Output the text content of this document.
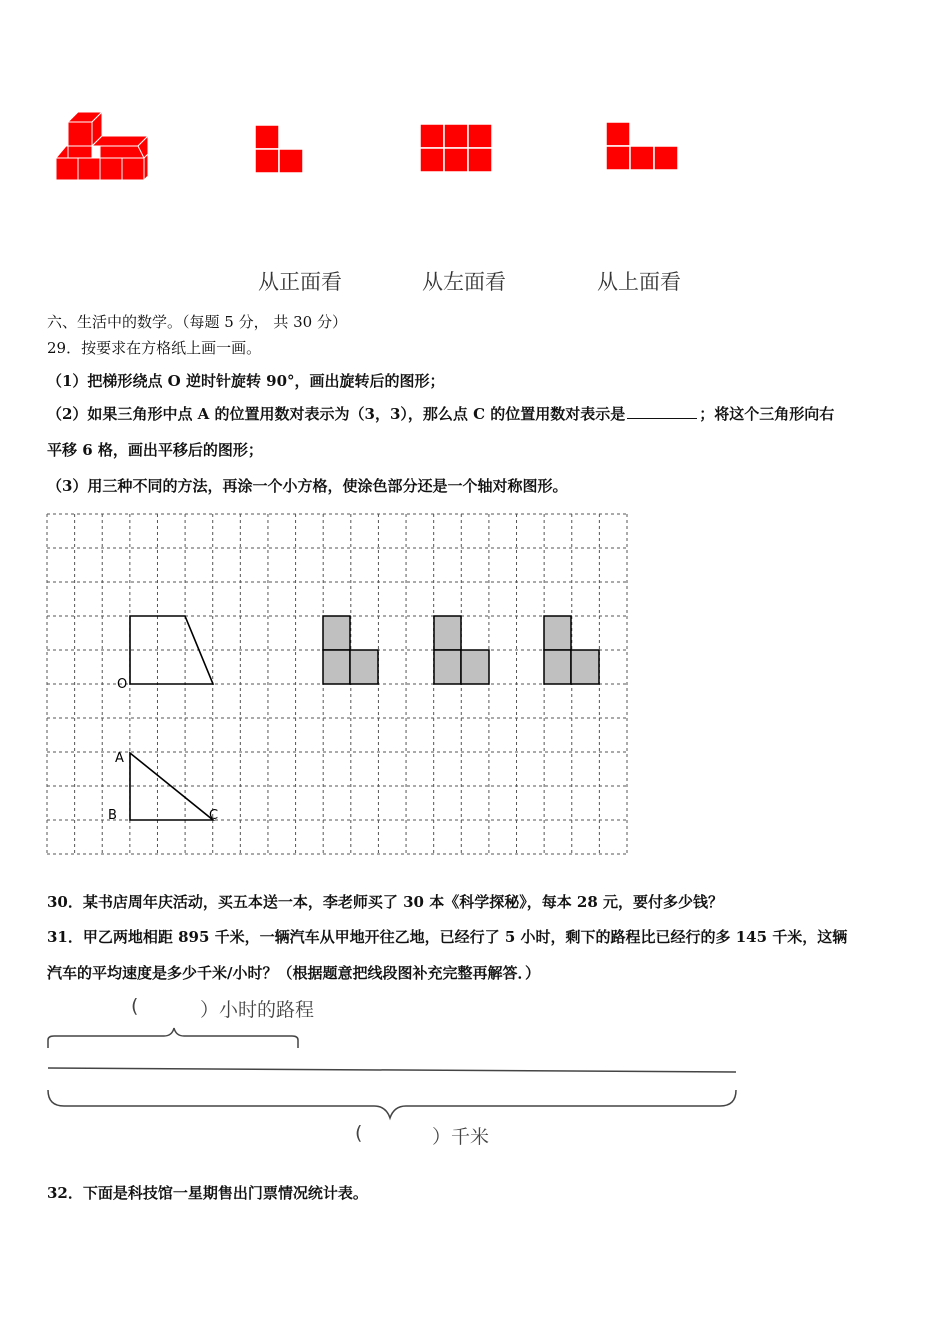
从正面看	从左面看	从上面看
六、生活中的数学。（每题 5 分， 共 30 分）
29．按要求在方格纸上画一画。
（1）把梯形绕点 O 逆时针旋转 90°，画出旋转后的图形；
（2）如果三角形中点 A 的位置用数对表示为（3，3），那么点 C 的位置用数对表示是	；将这个三角形向右
平移 6 格，画出平移后的图形；
（3）用三种不同的方法，再涂一个小方格，使涂色部分还是一个轴对称图形。
O
A
B	C
30．某书店周年庆活动，买五本送一本，李老师买了 30 本《科学探秘》，每本 28 元，要付多少钱？
31．甲乙两地相距 895 千米，一辆汽车从甲地开往乙地，已经行了 5 小时，剩下的路程比已经行的多 145 千米，这辆
汽车的平均速度是多少千米/小时？（根据题意把线段图补充完整再解答．）
(	）小时的路程
(	）千米
32．下面是科技馆一星期售出门票情况统计表。
